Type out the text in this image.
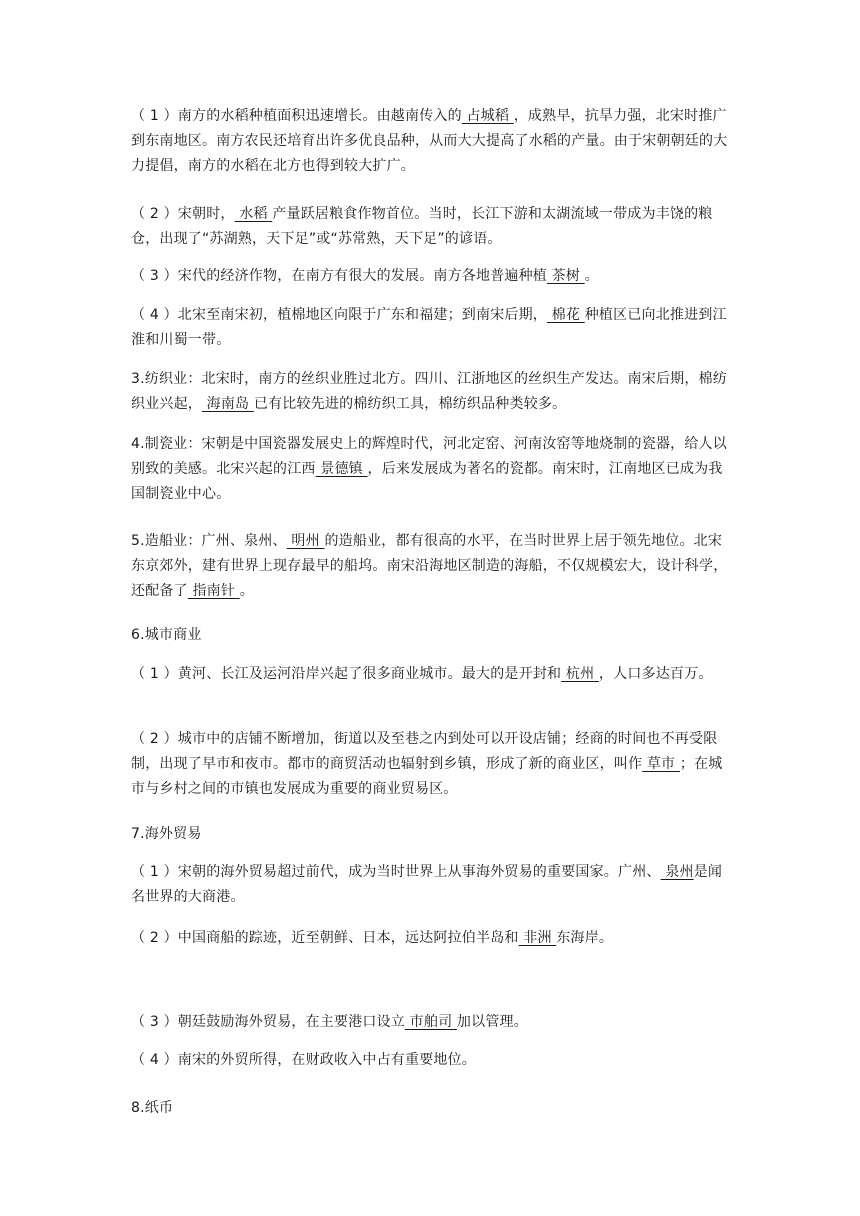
（ 1 ）南方的水稻种植面积迅速增长。由越南传入的 占城稻 ，成熟早，抗旱力强，北宋时推广到东南地区。南方农民还培育出许多优良品种，从而大大提高了水稻的产量。由于宋朝朝廷的大力提倡，南方的水稻在北方也得到较大扩广。

（ 2 ）宋朝时， 水稻 产量跃居粮食作物首位。当时，长江下游和太湖流域一带成为丰饶的粮仓，出现了“苏湖熟，天下足”或“苏常熟，天下足”的谚语。

（ 3 ）宋代的经济作物，在南方有很大的发展。南方各地普遍种植 茶树 。

（ 4 ）北宋至南宋初，植棉地区向限于广东和福建；到南宋后期， 棉花 种植区已向北推进到江淮和川蜀一带。

3.纺织业：北宋时，南方的丝织业胜过北方。四川、江浙地区的丝织生产发达。南宋后期，棉纺织业兴起， 海南岛 已有比较先进的棉纺织工具，棉纺织品种类较多。

4.制瓷业：宋朝是中国瓷器发展史上的辉煌时代，河北定窑、河南汝窑等地烧制的瓷器，给人以别致的美感。北宋兴起的江西 景德镇 ，后来发展成为著名的瓷都。南宋时，江南地区已成为我国制瓷业中心。

5.造船业：广州、泉州、 明州 的造船业，都有很高的水平，在当时世界上居于领先地位。北宋东京郊外，建有世界上现存最早的船坞。南宋沿海地区制造的海船，不仅规模宏大，设计科学，还配备了 指南针 。

6.城市商业

（ 1 ）黄河、长江及运河沿岸兴起了很多商业城市。最大的是开封和 杭州 ，人口多达百万。

（ 2 ）城市中的店铺不断增加，街道以及至巷之内到处可以开设店铺；经商的时间也不再受限制，出现了早市和夜市。都市的商贸活动也辐射到乡镇，形成了新的商业区，叫作 草市 ；在城市与乡村之间的市镇也发展成为重要的商业贸易区。

7.海外贸易

（ 1 ）宋朝的海外贸易超过前代，成为当时世界上从事海外贸易的重要国家。广州、 泉州是闻名世界的大商港。

（ 2 ）中国商船的踪迹，近至朝鲜、日本，远达阿拉伯半岛和 非洲 东海岸。

（ 3 ）朝廷鼓励海外贸易，在主要港口设立 市舶司 加以管理。

（ 4 ）南宋的外贸所得，在财政收入中占有重要地位。

8.纸币
